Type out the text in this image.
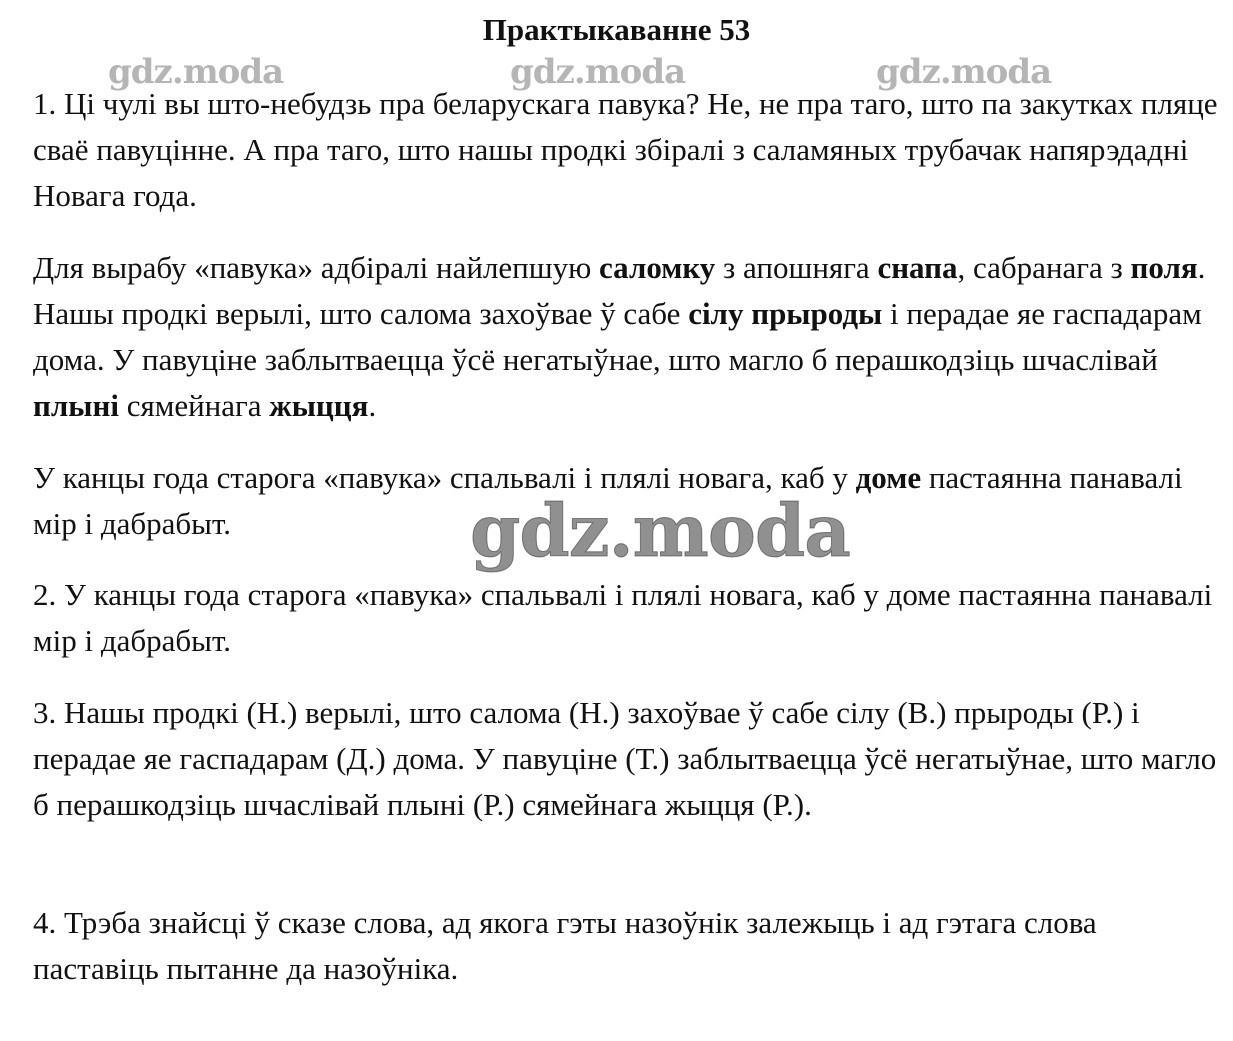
Практыкаванне 53
gdz.moda	gdz.moda	gdz.moda

1. Ці чулі вы што-небудзь пра беларускага павука? Не, не пра таго, што па закутках пляце сваё павуцінне. А пра таго, што нашы продкі збіралі з саламяных трубачак напярэдадні Новага года.

Для вырабу «павука» адбіралі найлепшую саломку з апошняга снапа, сабранага з поля. Нашы продкі верылі, што салома захоўвае ў сабе сілу прыроды і перадае яе гаспадарам дома. У павуціне заблытваецца ўсё негатыўнае, што магло б перашкодзіць шчаслівай плыні сямейнага жыцця.

У канцы года старога «павука» спальвалі і плялі новага, каб у доме пастаянна панавалі мір і дабрабыт.	gdz.moda

2. У канцы года старога «павука» спальвалі і плялі новага, каб у доме пастаянна панавалі мір і дабрабыт.

3. Нашы продкі (Н.) верылі, што салома (Н.) захоўвае ў сабе сілу (В.) прыроды (Р.) і перадае яе гаспадарам (Д.) дома. У павуціне (Т.) заблытваецца ўсё негатыўнае, што магло б перашкодзіць шчаслівай плыні (Р.) сямейнага жыцця (Р.).

4. Трэба знайсці ў сказе слова, ад якога гэты назоўнік залежыць і ад гэтага слова паставіць пытанне да назоўніка.
